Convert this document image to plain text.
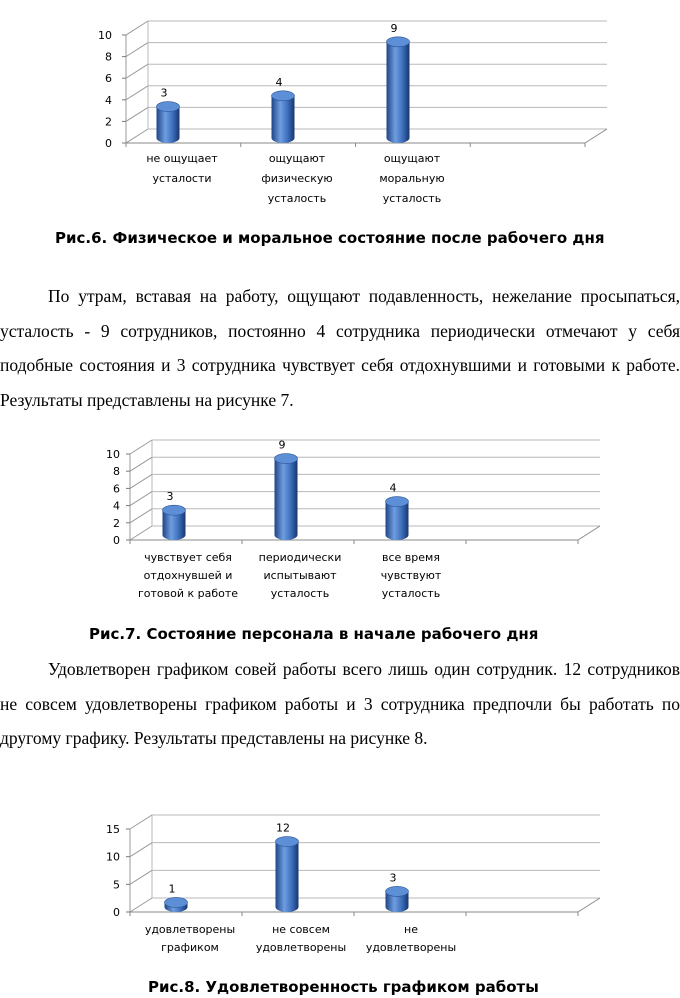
0
2
4
6
8
10
3
4
9
не ощущает усталости
ощущают физическую усталость
ощущают моральную усталость

Рис.6. Физическое и моральное состояние после рабочего дня

По утрам, вставая на работу, ощущают подавленность, нежелание просыпаться, усталость - 9 сотрудников, постоянно 4 сотрудника периодически отмечают у себя подобные состояния и 3 сотрудника чувствует себя отдохнувшими и готовыми к работе. Результаты представлены на рисунке 7.

0
2
4
6
8
10
3
9
4
чувствует себя отдохнувшей и готовой к работе
периодически испытывают усталость
все время чувствуют усталость

Рис.7. Состояние персонала в начале рабочего дня

Удовлетворен графиком совей работы всего лишь один сотрудник. 12 сотрудников не совсем удовлетворены графиком работы и 3 сотрудника предпочли бы работать по другому графику. Результаты представлены на рисунке 8.

0
5
10
15
1
12
3
удовлетворены графиком
не совсем удовлетворены
не удовлетворены

Рис.8. Удовлетворенность графиком работы
